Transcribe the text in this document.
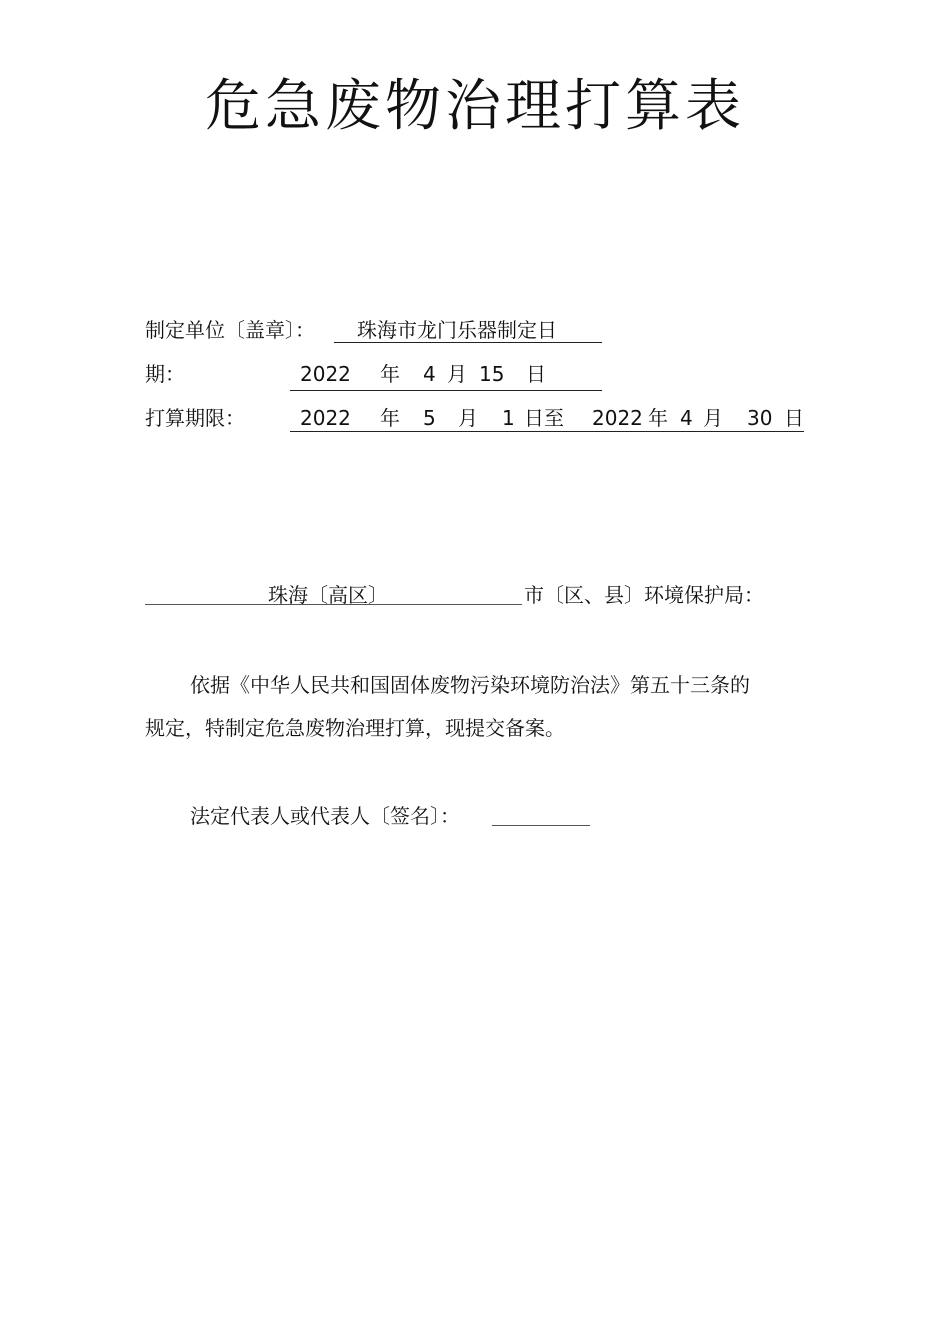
危急废物治理打算表
制定单位〔盖章〕： 珠海市龙门乐器制定日
期：	2022 年 4 月 15 日
打算期限：	2022 年 5 月 1 日至 2022 年 4 月 30 日
珠海〔高区〕	市〔区、县〕环境保护局：
依据《中华人民共和国固体废物污染环境防治法》第五十三条的
规定，特制定危急废物治理打算，现提交备案。
法定代表人或代表人〔签名〕：
